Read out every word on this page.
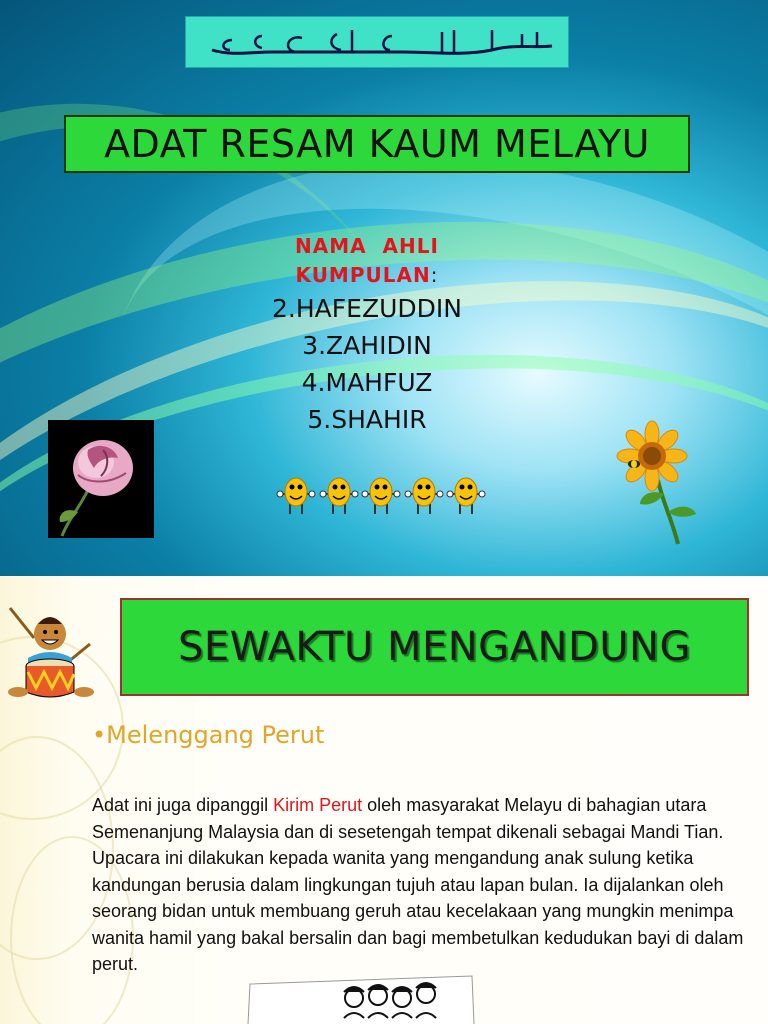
ADAT RESAM KAUM MELAYU
NAMA  AHLI
KUMPULAN:
2.HAFEZUDDIN
3.ZAHIDIN
4.MAHFUZ
5.SHAHIR
SEWAKTU MENGANDUNG
•Melenggang Perut
Adat ini juga dipanggil Kirim Perut oleh masyarakat Melayu di bahagian utara Semenanjung Malaysia dan di sesetengah tempat dikenali sebagai Mandi Tian. Upacara ini dilakukan kepada wanita yang mengandung anak sulung ketika kandungan berusia dalam lingkungan tujuh atau lapan bulan. Ia dijalankan oleh seorang bidan untuk membuang geruh atau kecelakaan yang mungkin menimpa wanita hamil yang bakal bersalin dan bagi membetulkan kedudukan bayi di dalam perut.
